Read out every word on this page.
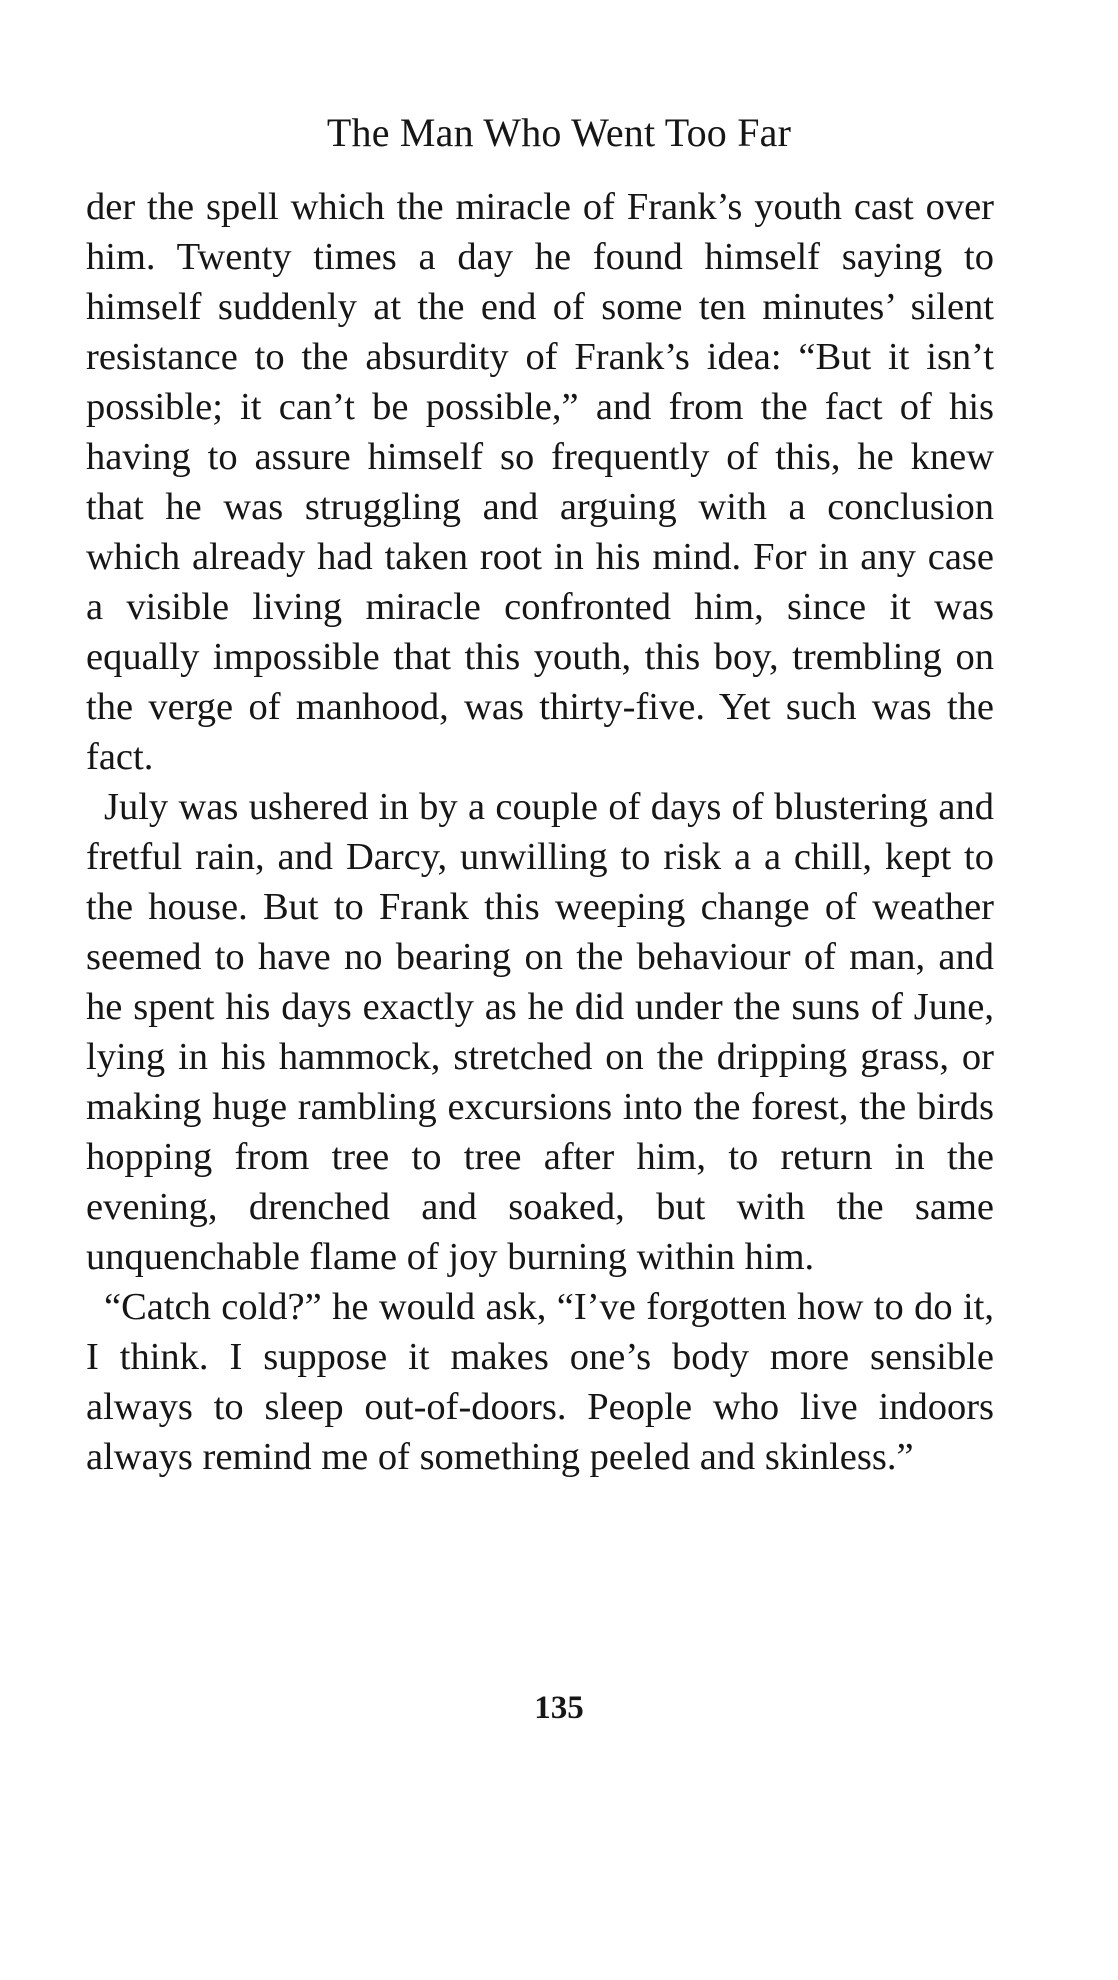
The Man Who Went Too Far

der the spell which the miracle of Frank’s youth cast over him. Twenty times a day he found himself saying to himself suddenly at the end of some ten minutes’ silent resistance to the absurdity of Frank’s idea: “But it isn’t possible; it can’t be possible,” and from the fact of his having to assure himself so frequently of this, he knew that he was struggling and arguing with a conclusion which already had taken root in his mind. For in any case a visible living miracle confronted him, since it was equally impossible that this youth, this boy, trembling on the verge of manhood, was thirty-five. Yet such was the fact.

July was ushered in by a couple of days of blustering and fretful rain, and Darcy, unwilling to risk a a chill, kept to the house. But to Frank this weeping change of weather seemed to have no bearing on the behaviour of man, and he spent his days exactly as he did under the suns of June, lying in his hammock, stretched on the dripping grass, or making huge rambling excursions into the forest, the birds hopping from tree to tree after him, to return in the evening, drenched and soaked, but with the same unquenchable flame of joy burning within him.

“Catch cold?” he would ask, “I’ve forgotten how to do it, I think. I suppose it makes one’s body more sensible always to sleep out-of-doors. People who live indoors always remind me of something peeled and skinless.”

135
